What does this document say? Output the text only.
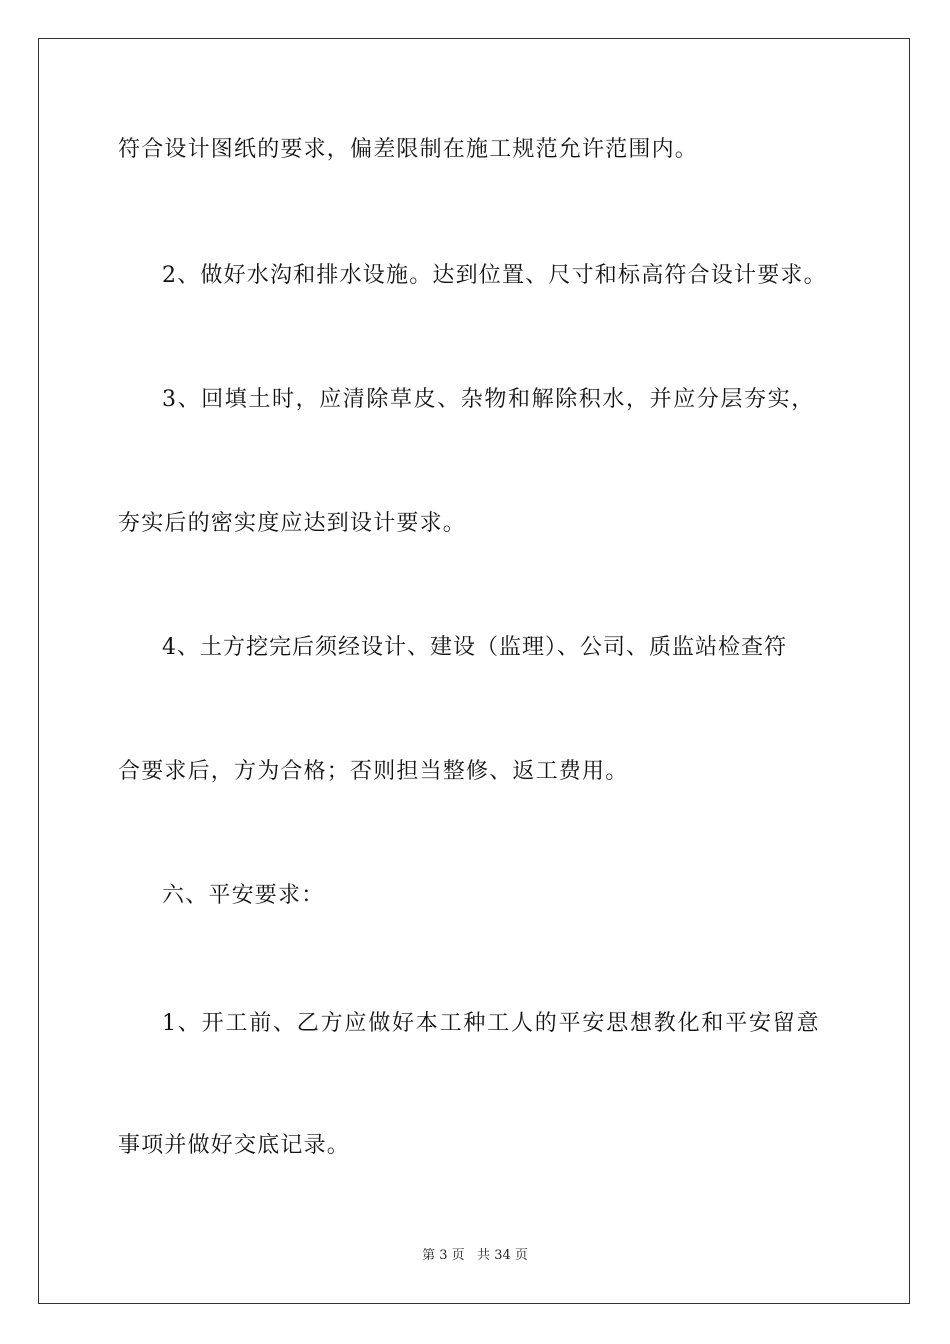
符合设计图纸的要求，偏差限制在施工规范允许范围内。
2、做好水沟和排水设施。达到位置、尺寸和标高符合设计要求。
3、回填土时，应清除草皮、杂物和解除积水，并应分层夯实，
夯实后的密实度应达到设计要求。
4、土方挖完后须经设计、建设（监理）、公司、质监站检查符
合要求后，方为合格；否则担当整修、返工费用。
六、平安要求：
1、开工前、乙方应做好本工种工人的平安思想教化和平安留意
事项并做好交底记录。
第 3 页   共 34 页
